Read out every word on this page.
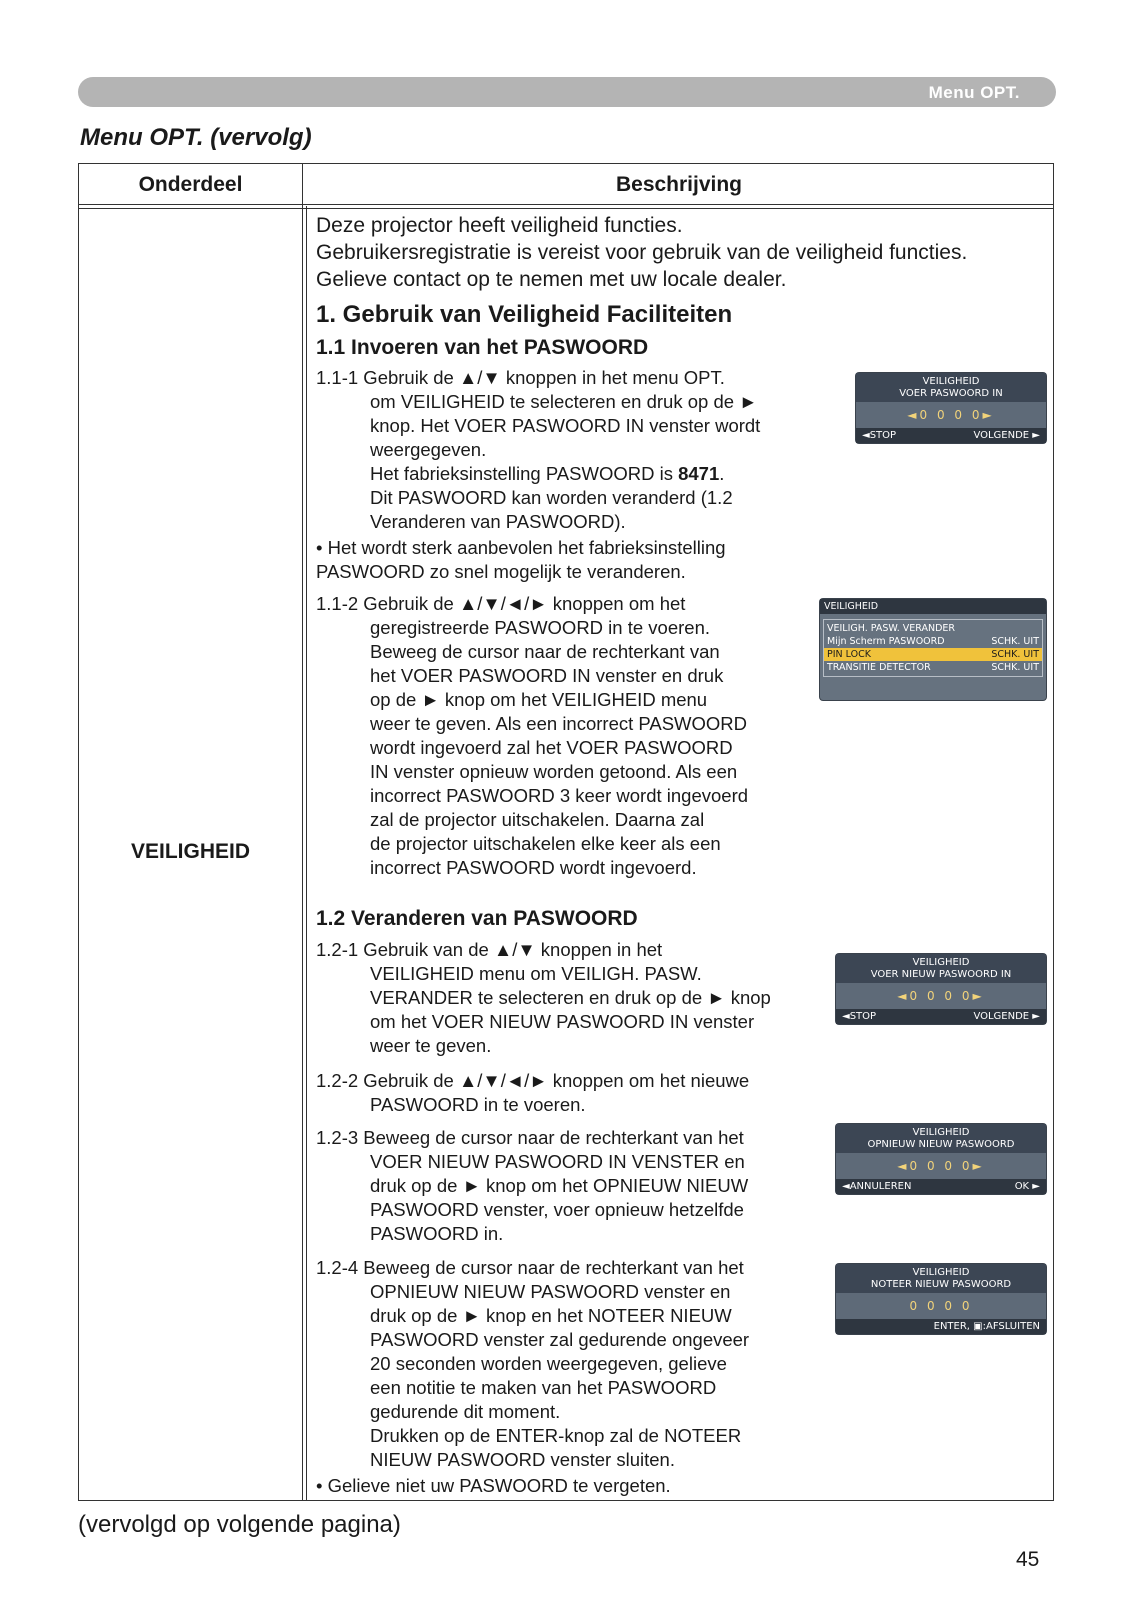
Menu OPT.
Menu OPT. (vervolg)
Onderdeel	Beschrijving
VEILIGHEID
Deze projector heeft veiligheid functies.
Gebruikersregistratie is vereist voor gebruik van de veiligheid functies.
Gelieve contact op te nemen met uw locale dealer.
1. Gebruik van Veiligheid Faciliteiten
1.1 Invoeren van het PASWOORD
1.1-1 Gebruik de ▲/▼ knoppen in het menu OPT.
om VEILIGHEID te selecteren en druk op de ►
knop. Het VOER PASWOORD IN venster wordt
weergegeven.
Het fabrieksinstelling PASWOORD is 8471.
Dit PASWOORD kan worden veranderd (1.2
Veranderen van PASWOORD).
• Het wordt sterk aanbevolen het fabrieksinstelling
PASWOORD zo snel mogelijk te veranderen.
1.1-2 Gebruik de ▲/▼/◄/► knoppen om het
geregistreerde PASWOORD in te voeren.
Beweeg de cursor naar de rechterkant van
het VOER PASWOORD IN venster en druk
op de ► knop om het VEILIGHEID menu
weer te geven. Als een incorrect PASWOORD
wordt ingevoerd zal het VOER PASWOORD
IN venster opnieuw worden getoond. Als een
incorrect PASWOORD 3 keer wordt ingevoerd
zal de projector uitschakelen. Daarna zal
de projector uitschakelen elke keer als een
incorrect PASWOORD wordt ingevoerd.
1.2 Veranderen van PASWOORD
1.2-1 Gebruik van de ▲/▼ knoppen in het
VEILIGHEID menu om VEILIGH. PASW.
VERANDER te selecteren en druk op de ► knop
om het VOER NIEUW PASWOORD IN venster
weer te geven.
1.2-2 Gebruik de ▲/▼/◄/► knoppen om het nieuwe
PASWOORD in te voeren.
1.2-3 Beweeg de cursor naar de rechterkant van het
VOER NIEUW PASWOORD IN VENSTER en
druk op de ► knop om het OPNIEUW NIEUW
PASWOORD venster, voer opnieuw hetzelfde
PASWOORD in.
1.2-4 Beweeg de cursor naar de rechterkant van het
OPNIEUW NIEUW PASWOORD venster en
druk op de ► knop en het NOTEER NIEUW
PASWOORD venster zal gedurende ongeveer
20 seconden worden weergegeven, gelieve
een notitie te maken van het PASWOORD
gedurende dit moment.
Drukken op de ENTER-knop zal de NOTEER
NIEUW PASWOORD venster sluiten.
• Gelieve niet uw PASWOORD te vergeten.
VEILIGHEID
VOER PASWOORD IN
◄0 0 0 0►
◄STOP	VOLGENDE ►
VEILIGHEID
VEILIGH. PASW. VERANDER
Mijn Scherm PASWOORD	SCHK. UIT
PIN LOCK	SCHK. UIT
TRANSITIE DETECTOR	SCHK. UIT
VEILIGHEID
VOER NIEUW PASWOORD IN
◄0 0 0 0►
◄STOP	VOLGENDE ►
VEILIGHEID
OPNIEUW NIEUW PASWOORD
◄0 0 0 0►
◄ANNULEREN	OK ►
VEILIGHEID
NOTEER NIEUW PASWOORD
0 0 0 0
ENTER, ▣:AFSLUITEN
(vervolgd op volgende pagina)
45
